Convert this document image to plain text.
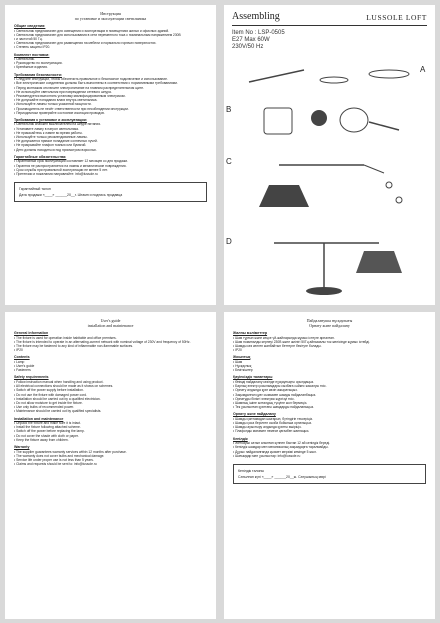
Инструкция
по установке и эксплуатации светильника
Общие сведения:
• Светильник предназначен для освещения и эксплуатации в помещениях жилых и офисных зданий.
• Светильник предназначен для использования в сети переменного тока с номинальным напряжением 230В
• и частотой 50 Гц.
• Светильник предназначен для размещения на мебели и нормально горючих поверхностях.
• Степень защиты IP20.
Комплект поставки:
• Светильник.
• Руководство по эксплуатации.
• Крепёжные изделия.
Требования безопасности:
• Следуйте инструкции, чтобы обеспечить правильное и безопасное подключение и использование.
• Все электрические соединения должны быть выполнены в соответствии с нормативными требованиями.
• Перед монтажом отключите электропитание на главном распределительном щите.
• Не используйте светильник при повреждении сетевого шнура.
• Рекомендуется выполнять установку квалифицированным электриком.
• Не допускайте попадания влаги внутрь светильника.
• Используйте лампы только указанной мощности.
• Производитель не несёт ответственности при несоблюдении инструкции.
• Периодически проверяйте состояние изоляции проводов.
Требования к установке и эксплуатации:
• Светильник снабжён выключателем на шнуре питания.
• Установите лампу в патрон светильника.
• Не прикасайтесь к лампе во время работы.
• Используйте только рекомендованные лампы.
• Не допускается прямое попадание солнечных лучей.
• Не прикрывайте плафон тканью или бумагой.
• Дети должны находиться под присмотром взрослых.
Гарантийные обязательства:
• Гарантийный срок эксплуатации составляет 12 месяцев со дня продажи.
• Гарантия не распространяется на лампы и механические повреждения.
• Срок службы при правильной эксплуатации не менее 5 лет.
• Претензии и пожелания направляйте: info@lussole.ru
Гарантийный талон
Дата продажи «____» ______20__г. Штамп и подпись продавца
Assembling	LUSSOLE LOFT
Item No : LSP-0505
E27 Max 60W
230V/50 Hz
A
B
C
D
User's guide
installation and maintenance
General information
• The fixture is used for operation inside habitable and office premises.
• The fixture is intended to operate in an alternating-current network with nominal voltage of 230V and frequency of 50Hz.
• The fixture may be fastened to any kind of inflammable non-flammable surfaces.
• IP20
Contents
• Lamp
• User's guide
• Fasteners
Safety requirements
• Follow instruction manual when handling and using product.
• All electrical connections should be made as it shows on schemes.
• Switch off the power supply before installation.
• Do not use the fixture with damaged power cord.
• Installation should be carried out by a qualified electrician.
• Do not allow moisture to get inside the fixture.
• Use only bulbs of recommended power.
• Maintenance should be carried out by qualified specialists.
Installation and maintenance
• Unpack the fixture and make sure it is intact.
• Install the fixture following attached scheme.
• Switch off the power before replacing the lamp.
• Do not cover the shade with cloth or paper.
• Keep the fixture away from children.
Warranty
• The supplier guarantees warranty services within 12 months after purchase.
• The warranty does not cover bulbs and mechanical damage.
• Service life under proper use is not less than 5 years.
• Claims and requests should be sent to: info@lussole.ru
Пайдаланушы нұсқаулығы
Орнату және пайдалану
Жалпы мәліметтер
• Шам тұрғын және кеңсе үй-жайларында жұмыс істеуге арналған.
• Шам номиналды кернеуі 230В және жиілігі 50Гц айнымалы ток желісінде жұмыс істейді.
• Шамды кез келген жанбайтын беттерге бекітуге болады.
• IP20
Жиынтық
• Шам
• Нұсқаулық
• Бекіткіштер
Қауіпсіздік талаптары
• Өнімді пайдалану кезінде нұсқаулықты орындаңыз.
• Барлық электр қосылымдары сызбаға сәйкес жасалуы тиіс.
• Орнату алдында қуат көзін ажыратыңыз.
• Зақымдалған қуат сымымен шамды пайдаланбаңыз.
• Орнатуды білікті электрик жүргізуі тиіс.
• Шамның ішіне ылғалдың түсуіне жол бермеңіз.
• Тек ұсынылған қуаттағы шамдарды пайдаланыңыз.
Орнату және пайдалану
• Шамды қаптамадан шығарып, бүтіндігін тексеріңіз.
• Шамды қоса берілген сызба бойынша орнатыңыз.
• Шамды ауыстыру алдында қуатты өшіріңіз.
• Плафонды матамен немесе қағазбен жаппаңыз.
Кепілдік
• Жеткізуші сатып алынған күннен бастап 12 ай кепілдік береді.
• Кепілдік шамдар мен механикалық зақымдарға таралмайды.
• Дұрыс пайдаланғанда қызмет мерзімі кемінде 5 жыл.
• Шағымдар мен ұсыныстар: info@lussole.ru
Кепілдік талоны
Сатылған күні «____» ______20__ж. Сатушының мөрі
